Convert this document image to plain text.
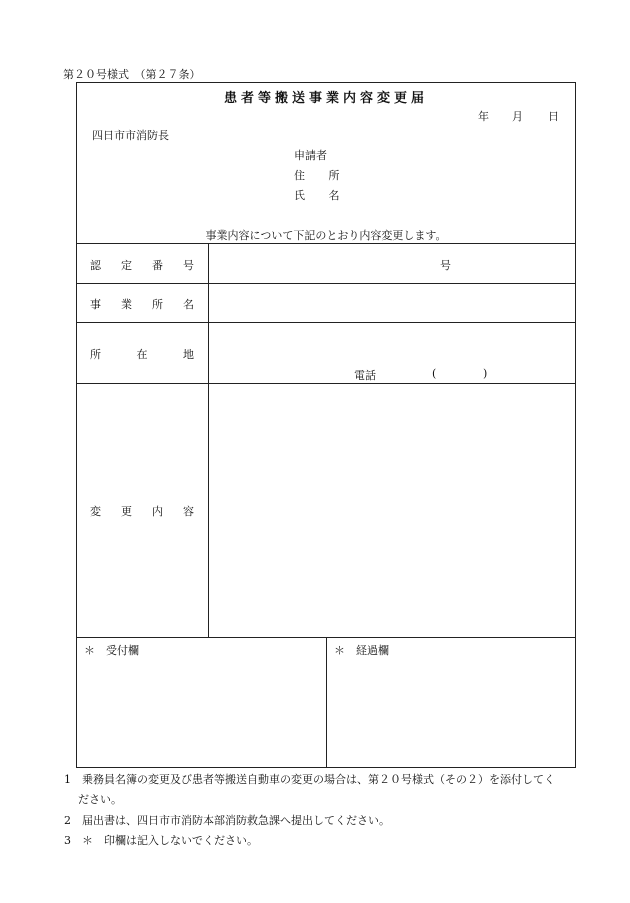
第２０号様式　（第２７条）
患者等搬送事業内容変更届
年 月 日
四日市市消防長
申請者
住 所
氏 名
事業内容について下記のとおり内容変更します。
認 定 番 号	号
事 業 所 名
所 在 地
電話	(	)
変 更 内 容
＊　受付欄	＊　経過欄
1　乗務員名簿の変更及び患者等搬送自動車の変更の場合は、第２０号様式（その２）を添付してく
ださい。
2　届出書は、四日市市消防本部消防救急課へ提出してください。
3　＊　印欄は記入しないでください。
